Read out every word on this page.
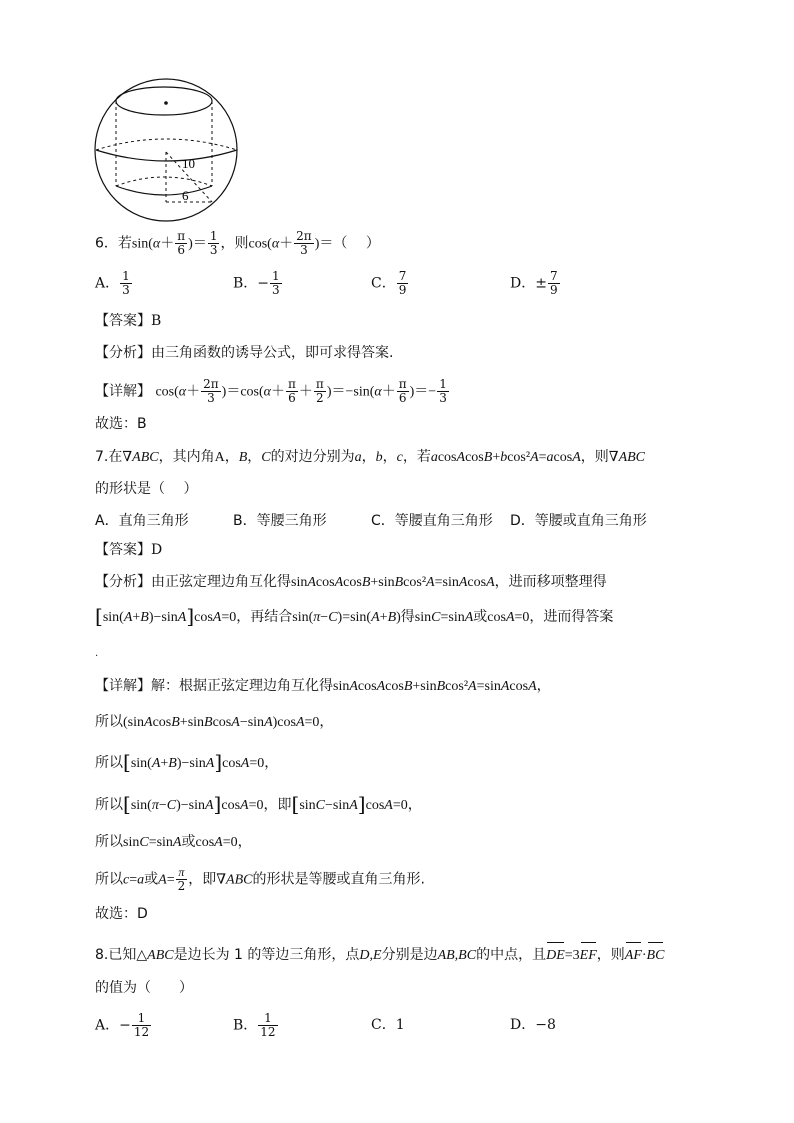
10
6
6．若$\sin(\alpha+ \frac{\pi}{6}$ )＝ $\frac{1}{3}$ ，则$\cos(\alpha+ \frac{2\pi}{3}$ )＝（　 ）
A． $\frac{1}{3}$	B．− $\frac{1}{3}$	C． $\frac{7}{9}$	D．± $\frac{7}{9}$
【答案】B
【分析】由三角函数的诱导公式，即可求得答案.
【详解】 $\cos(\alpha+ \frac{2\pi}{3} )=\cos(\alpha+ \frac{\pi}{6} + \frac{\pi}{2} )=-\sin(\alpha+ \frac{\pi}{6}$ )＝− $\frac{1}{3}$
故选：B
7.在∇ABC，其内角A，B，C的对边分别为a，b，c，若acosAcosB+bcos²A=acosA，则∇ABC
的形状是（　 ）
A．直角三角形	B．等腰三角形	C．等腰直角三角形 D．等腰或直角三角形
【答案】D
【分析】由正弦定理边角互化得sinAcosAcosB+sinBcos²A=sinAcosA，进而移项整理得
[sin(A+B)−sinA]cosA=0，再结合sin(π−C)=sin(A+B)得sinC=sinA或cosA=0，进而得答案
.
【详解】解：根据正弦定理边角互化得sinAcosAcosB+sinBcos²A=sinAcosA，
所以(sinAcosB+sinBcosA−sinA)cosA=0，
所以[sin(A+B)−sinA]cosA=0，
所以[sin(π−C)−sinA]cosA=0，即[sinC−sinA]cosA=0，
所以sinC=sinA或cosA=0，
所以c=a或$A= \frac{\pi}{2}$ ，即∇ABC的形状是等腰或直角三角形.
故选：D
8.已知△ABC是边长为 1 的等边三角形，点D,E分别是边AB,BC的中点，且DE=3EF，则AF·BC
的值为（　　）
A．− $\frac{1}{12}$	B． $\frac{1}{12}$	C．1	D．−8
